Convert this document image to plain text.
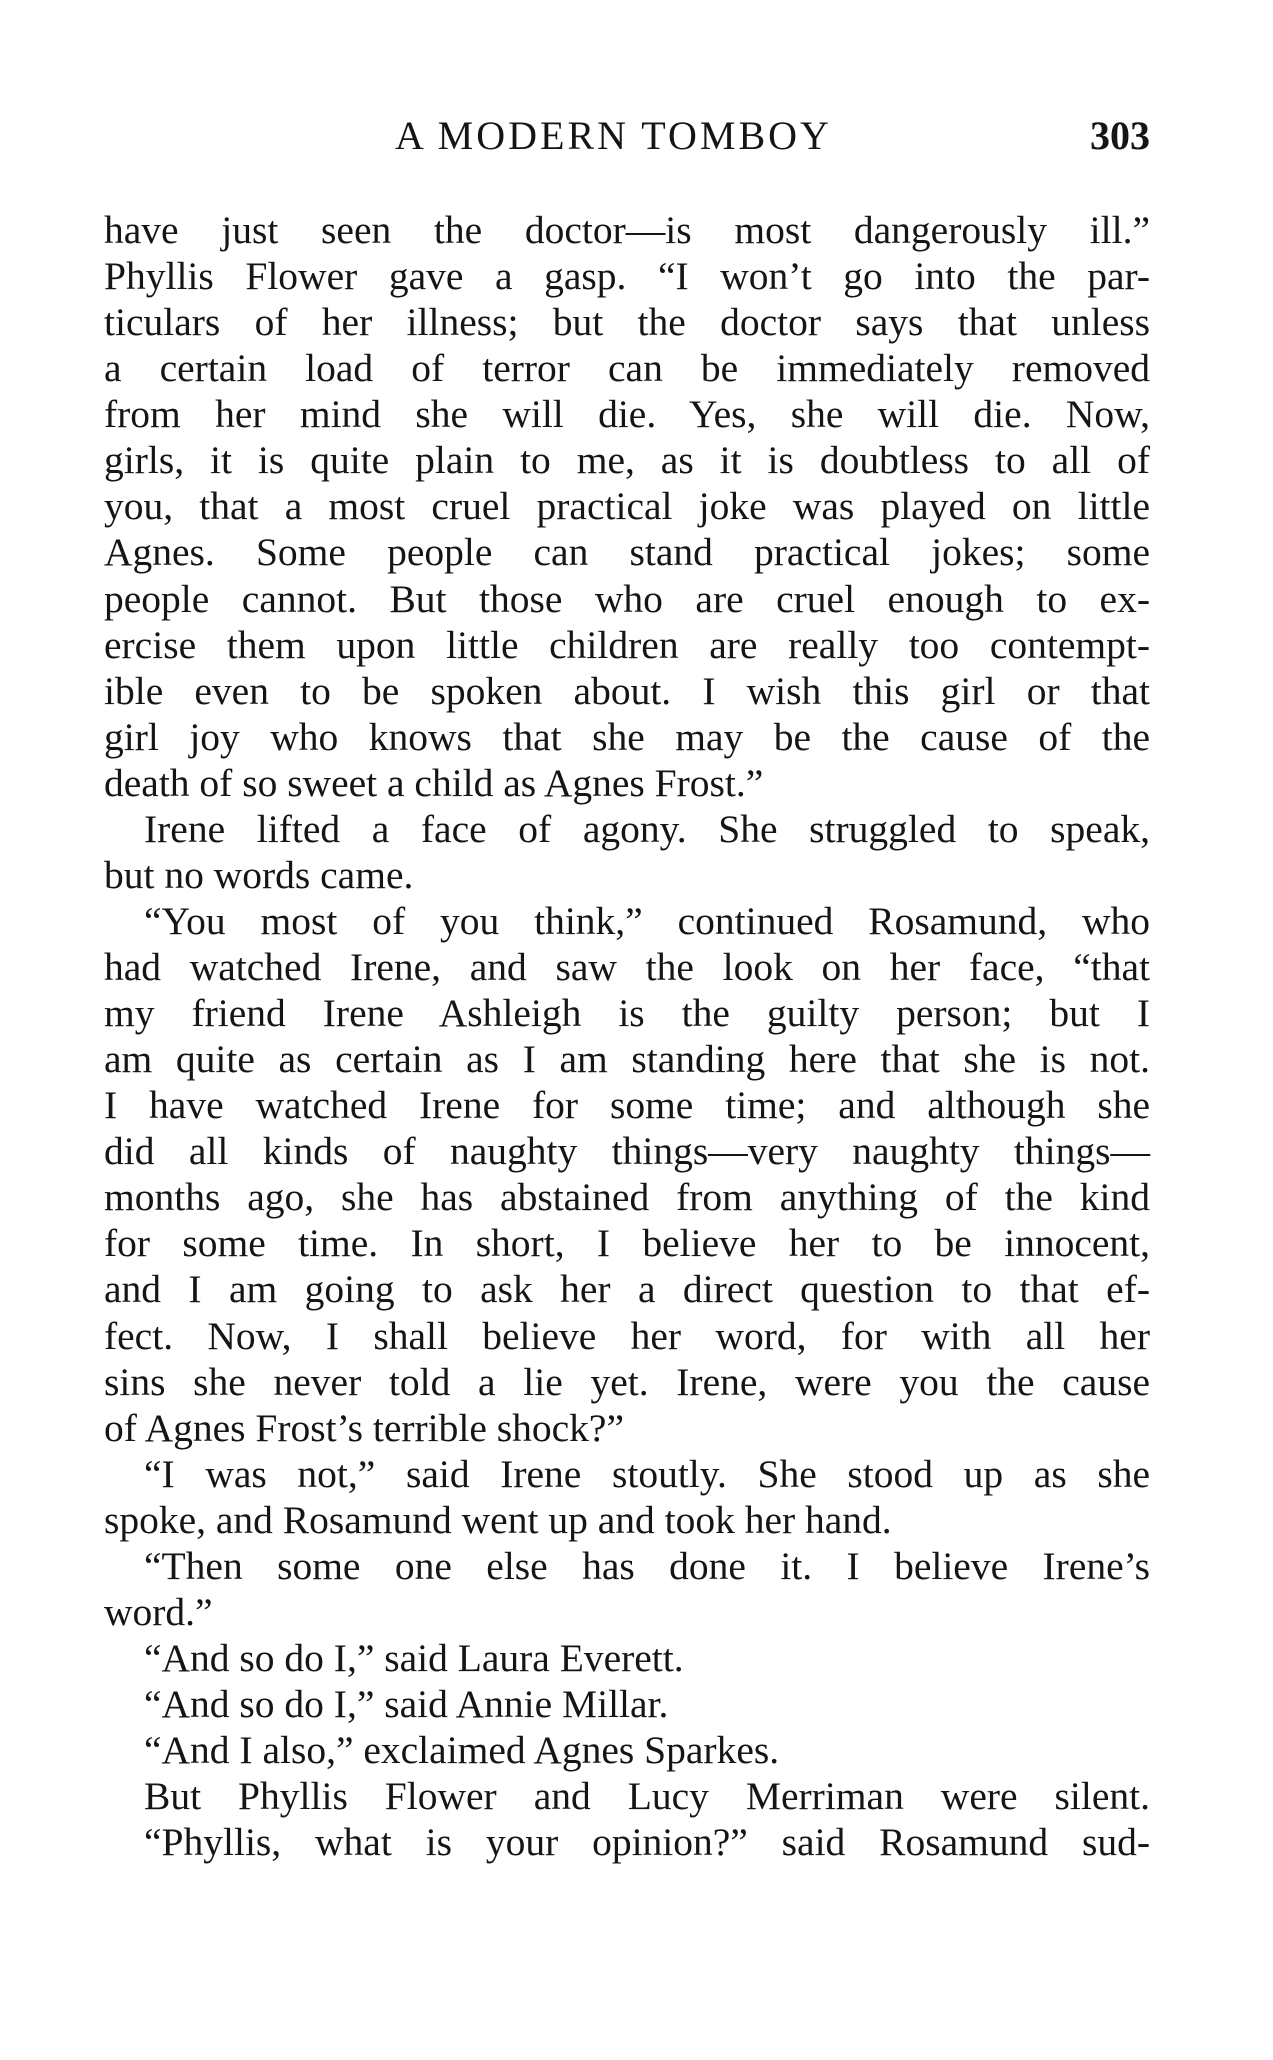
A MODERN TOMBOY	303
have just seen the doctor—is most dangerously ill.”
Phyllis Flower gave a gasp. “I won’t go into the par-
ticulars of her illness; but the doctor says that unless
a certain load of terror can be immediately removed
from her mind she will die. Yes, she will die. Now,
girls, it is quite plain to me, as it is doubtless to all of
you, that a most cruel practical joke was played on little
Agnes. Some people can stand practical jokes; some
people cannot. But those who are cruel enough to ex-
ercise them upon little children are really too contempt-
ible even to be spoken about. I wish this girl or that
girl joy who knows that she may be the cause of the
death of so sweet a child as Agnes Frost.”
Irene lifted a face of agony. She struggled to speak,
but no words came.
“You most of you think,” continued Rosamund, who
had watched Irene, and saw the look on her face, “that
my friend Irene Ashleigh is the guilty person; but I
am quite as certain as I am standing here that she is not.
I have watched Irene for some time; and although she
did all kinds of naughty things—very naughty things—
months ago, she has abstained from anything of the kind
for some time. In short, I believe her to be innocent,
and I am going to ask her a direct question to that ef-
fect. Now, I shall believe her word, for with all her
sins she never told a lie yet. Irene, were you the cause
of Agnes Frost’s terrible shock?”
“I was not,” said Irene stoutly. She stood up as she
spoke, and Rosamund went up and took her hand.
“Then some one else has done it. I believe Irene’s
word.”
“And so do I,” said Laura Everett.
“And so do I,” said Annie Millar.
“And I also,” exclaimed Agnes Sparkes.
But Phyllis Flower and Lucy Merriman were silent.
“Phyllis, what is your opinion?” said Rosamund sud-
